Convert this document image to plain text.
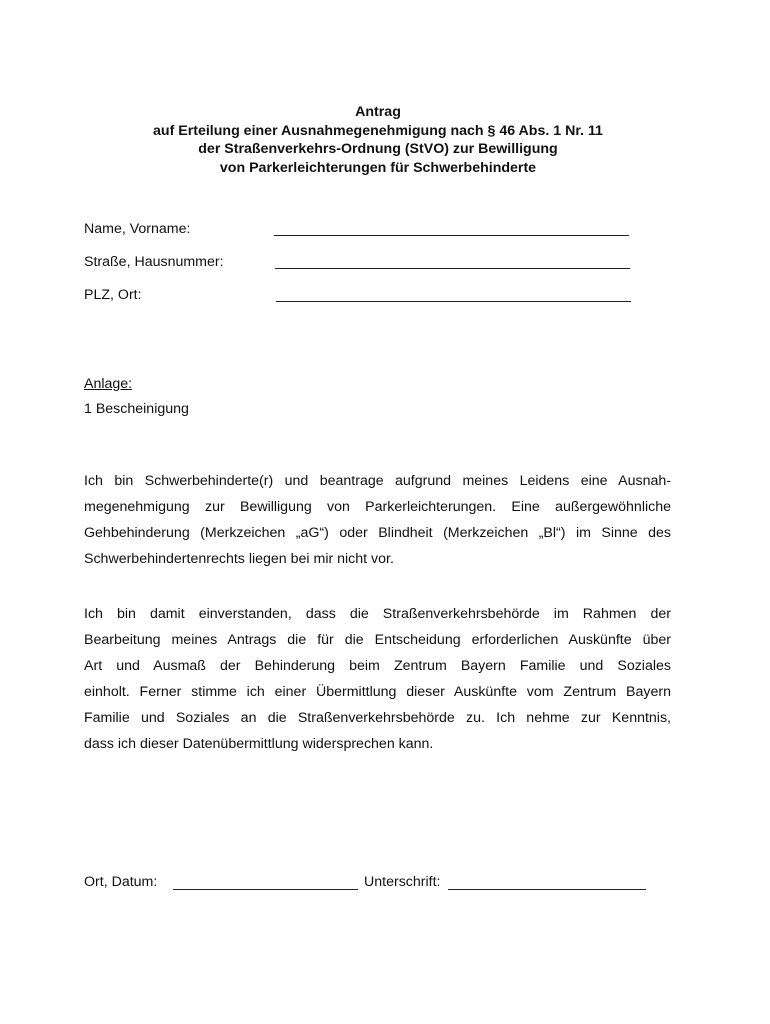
Antrag
auf Erteilung einer Ausnahmegenehmigung nach § 46 Abs. 1 Nr. 11
der Straßenverkehrs-Ordnung (StVO) zur Bewilligung
von Parkerleichterungen für Schwerbehinderte
Name, Vorname:
Straße, Hausnummer:
PLZ, Ort:
Anlage:
1 Bescheinigung
Ich bin Schwerbehinderte(r) und beantrage aufgrund meines Leidens eine Ausnah-
megenehmigung zur Bewilligung von Parkerleichterungen. Eine außergewöhnliche
Gehbehinderung (Merkzeichen „aG“) oder Blindheit (Merkzeichen „Bl“) im Sinne des
Schwerbehindertenrechts liegen bei mir nicht vor.
Ich bin damit einverstanden, dass die Straßenverkehrsbehörde im Rahmen der
Bearbeitung meines Antrags die für die Entscheidung erforderlichen Auskünfte über
Art und Ausmaß der Behinderung beim Zentrum Bayern Familie und Soziales
einholt. Ferner stimme ich einer Übermittlung dieser Auskünfte vom Zentrum Bayern
Familie und Soziales an die Straßenverkehrsbehörde zu. Ich nehme zur Kenntnis,
dass ich dieser Datenübermittlung widersprechen kann.
Ort, Datum:	Unterschrift:
